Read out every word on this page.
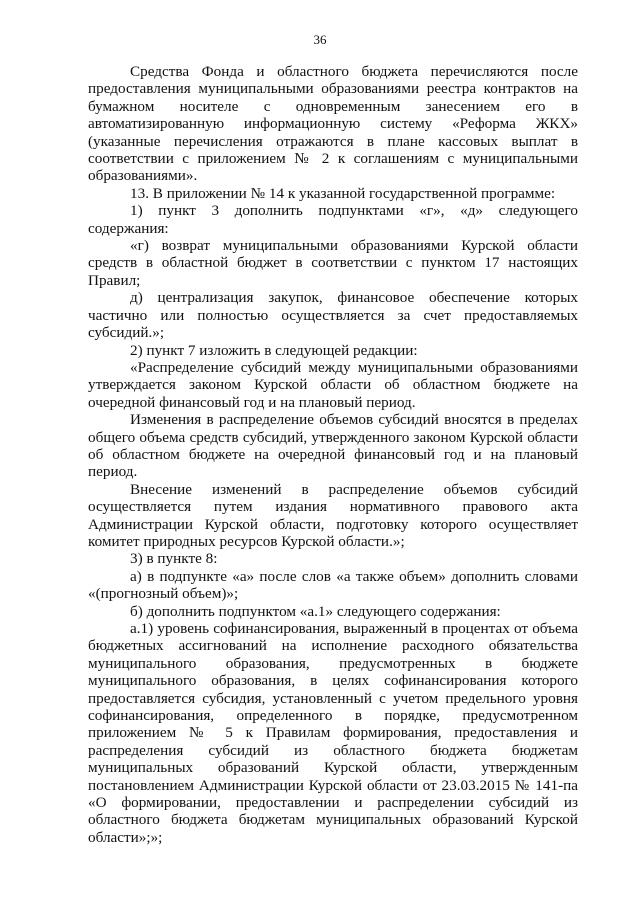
36

Средства Фонда и областного бюджета перечисляются после предоставления муниципальными образованиями реестра контрактов на бумажном носителе с одновременным занесением его в автоматизированную информационную систему «Реформа ЖКХ» (указанные перечисления отражаются в плане кассовых выплат в соответствии с приложением № 2 к соглашениям с муниципальными образованиями».

13. В приложении № 14 к указанной государственной программе:

1) пункт 3 дополнить подпунктами «г», «д» следующего содержания:

«г) возврат муниципальными образованиями Курской области средств в областной бюджет в соответствии с пунктом 17 настоящих Правил;

д) централизация закупок, финансовое обеспечение которых частично или полностью осуществляется за счет предоставляемых субсидий.»;

2) пункт 7 изложить в следующей редакции:

«Распределение субсидий между муниципальными образованиями утверждается законом Курской области об областном бюджете на очередной финансовый год и на плановый период.

Изменения в распределение объемов субсидий вносятся в пределах общего объема средств субсидий, утвержденного законом Курской области об областном бюджете на очередной финансовый год и на плановый период.

Внесение изменений в распределение объемов субсидий осуществляется путем издания нормативного правового акта Администрации Курской области, подготовку которого осуществляет комитет природных ресурсов Курской области.»;

3) в пункте 8:

а) в подпункте «а» после слов «а также объем» дополнить словами «(прогнозный объем)»;

б) дополнить подпунктом «а.1» следующего содержания:

а.1) уровень софинансирования, выраженный в процентах от объема бюджетных ассигнований на исполнение расходного обязательства муниципального образования, предусмотренных в бюджете муниципального образования, в целях софинансирования которого предоставляется субсидия, установленный с учетом предельного уровня софинансирования, определенного в порядке, предусмотренном приложением № 5 к Правилам формирования, предоставления и распределения субсидий из областного бюджета бюджетам муниципальных образований Курской области, утвержденным постановлением Администрации Курской области от 23.03.2015 № 141-па «О формировании, предоставлении и распределении субсидий из областного бюджета бюджетам муниципальных образований Курской области»;»;
